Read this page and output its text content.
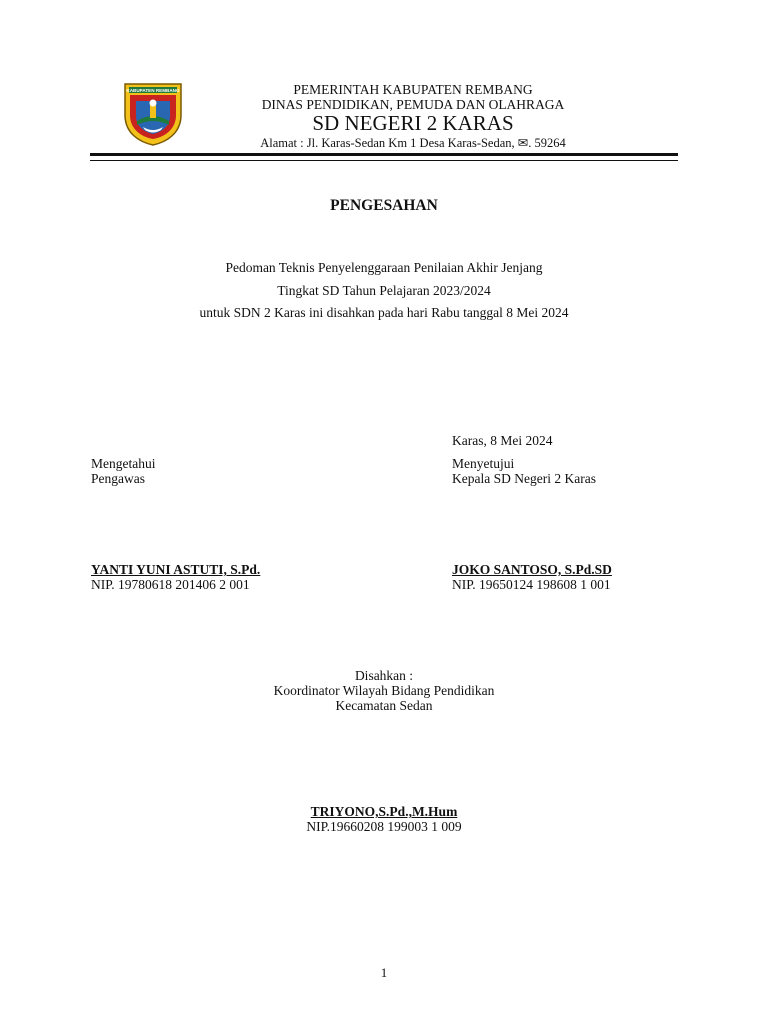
KABUPATEN REMBANG	PEMERINTAH KABUPATEN REMBANG
DINAS PENDIDIKAN, PEMUDA DAN OLAHRAGA
SD NEGERI 2 KARAS
Alamat : Jl. Karas-Sedan Km 1 Desa Karas-Sedan, ✉. 59264
PENGESAHAN
Pedoman Teknis Penyelenggaraan Penilaian Akhir Jenjang
Tingkat SD Tahun Pelajaran 2023/2024
untuk SDN 2 Karas ini disahkan pada hari Rabu tanggal 8 Mei 2024
Karas, 8 Mei 2024
Mengetahui
Pengawas
YANTI YUNI ASTUTI, S.Pd.
NIP. 19780618 201406 2 001
Menyetujui
Kepala SD Negeri 2 Karas
JOKO SANTOSO, S.Pd.SD
NIP. 19650124 198608 1 001
Disahkan :
Koordinator Wilayah Bidang Pendidikan
Kecamatan Sedan
TRIYONO,S.Pd.,M.Hum
NIP.19660208 199003 1 009
1
